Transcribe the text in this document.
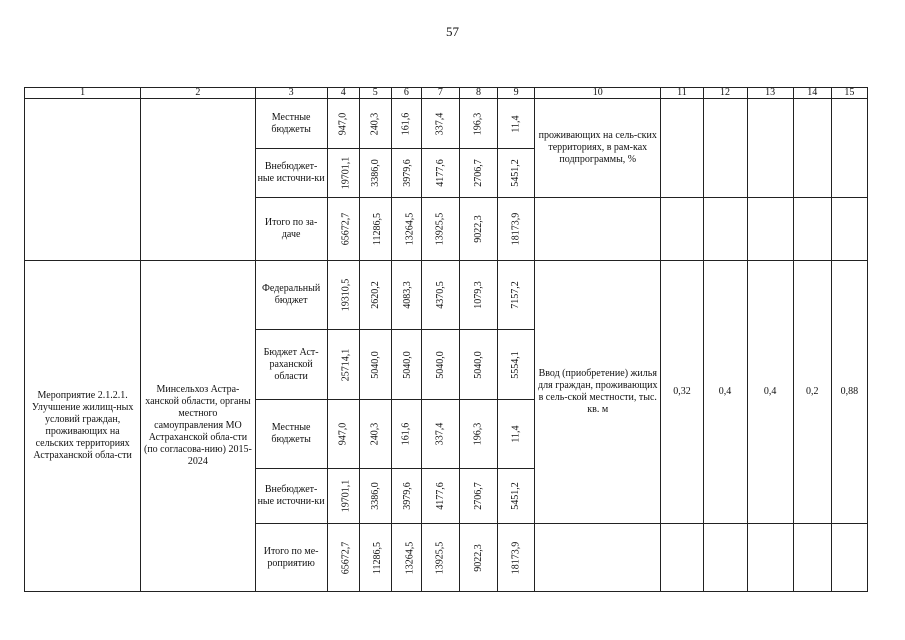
57
1	2	3	4	5	6	7	8	9	10	11	12	13	14	15
		Местные бюджеты	947,0	240,3	161,6	337,4	196,3	11,4	проживающих на сель-ских территориях, в рам-ках подпрограммы, %					
		Внебюджет-ные источни-ки	19701,1	3386,0	3979,6	4177,6	2706,7	5451,2						
		Итого по за-даче	65672,7	11286,5	13264,5	13925,5	9022,3	18173,9						
Мероприятие 2.1.2.1. Улучшение жилищ-ных условий граждан, проживающих на сельских территориях Астраханской обла-сти	Минсельхоз Астра-ханской области, органы местного самоуправления МО Астраханской обла-сти (по согласова-нию) 2015-2024	Федеральный бюджет	19310,5	2620,2	4083,3	4370,5	1079,3	7157,2	Ввод (приобретение) жилья для граждан, проживающих в сель-ской местности, тыс. кв. м	0,32	0,4	0,4	0,2	0,88
		Бюджет Аст-раханской области	25714,1	5040,0	5040,0	5040,0	5040,0	5554,1						
		Местные бюджеты	947,0	240,3	161,6	337,4	196,3	11,4						
		Внебюджет-ные источни-ки	19701,1	3386,0	3979,6	4177,6	2706,7	5451,2						
		Итого по ме-роприятию	65672,7	11286,5	13264,5	13925,5	9022,3	18173,9						
